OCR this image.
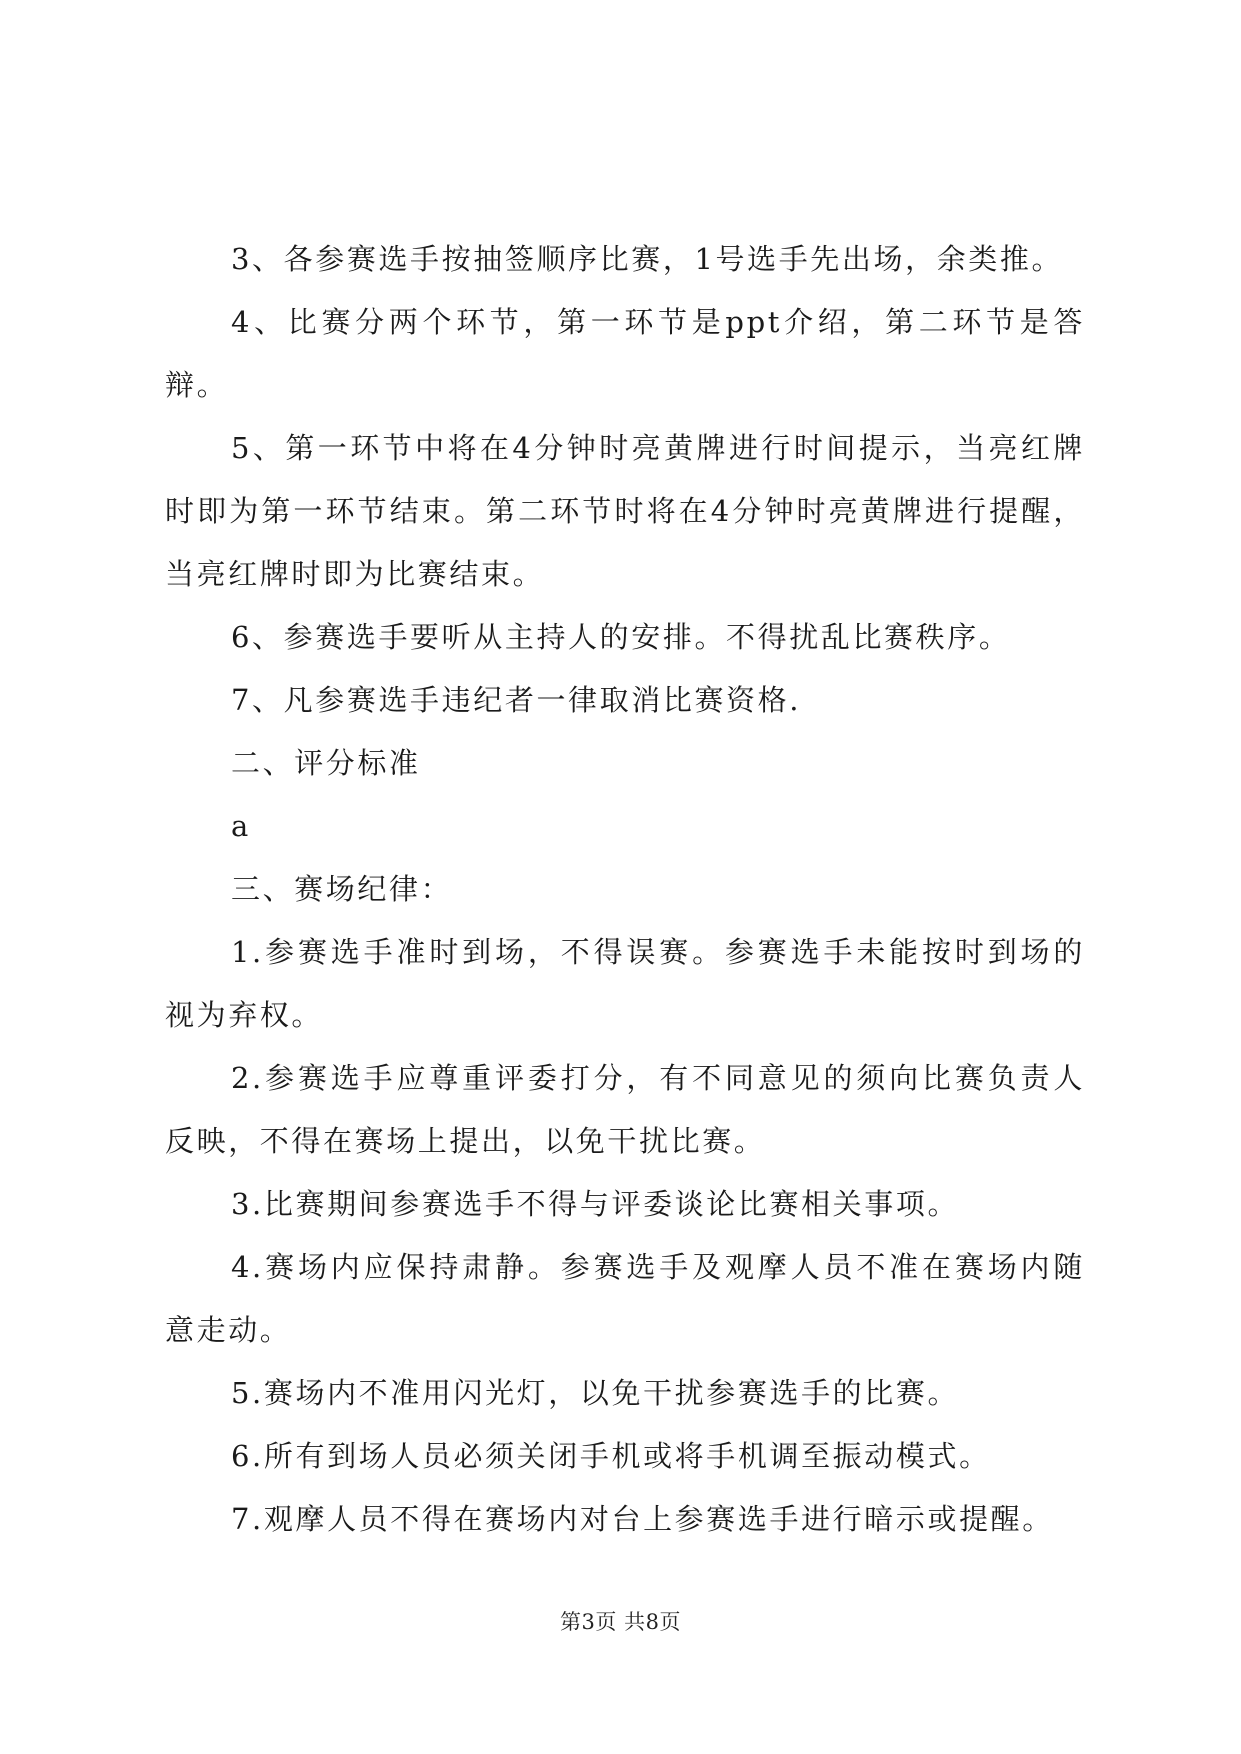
3、各参赛选手按抽签顺序比赛，1号选手先出场，余类推。

4、比赛分两个环节，第一环节是ppt介绍，第二环节是答辩。

5、第一环节中将在4分钟时亮黄牌进行时间提示，当亮红牌时即为第一环节结束。第二环节时将在4分钟时亮黄牌进行提醒，当亮红牌时即为比赛结束。

6、参赛选手要听从主持人的安排。不得扰乱比赛秩序。

7、凡参赛选手违纪者一律取消比赛资格.

二、评分标准

a

三、赛场纪律：

1.参赛选手准时到场，不得误赛。参赛选手未能按时到场的视为弃权。

2.参赛选手应尊重评委打分，有不同意见的须向比赛负责人反映，不得在赛场上提出，以免干扰比赛。

3.比赛期间参赛选手不得与评委谈论比赛相关事项。

4.赛场内应保持肃静。参赛选手及观摩人员不准在赛场内随意走动。

5.赛场内不准用闪光灯，以免干扰参赛选手的比赛。

6.所有到场人员必须关闭手机或将手机调至振动模式。

7.观摩人员不得在赛场内对台上参赛选手进行暗示或提醒。

第3页 共8页
